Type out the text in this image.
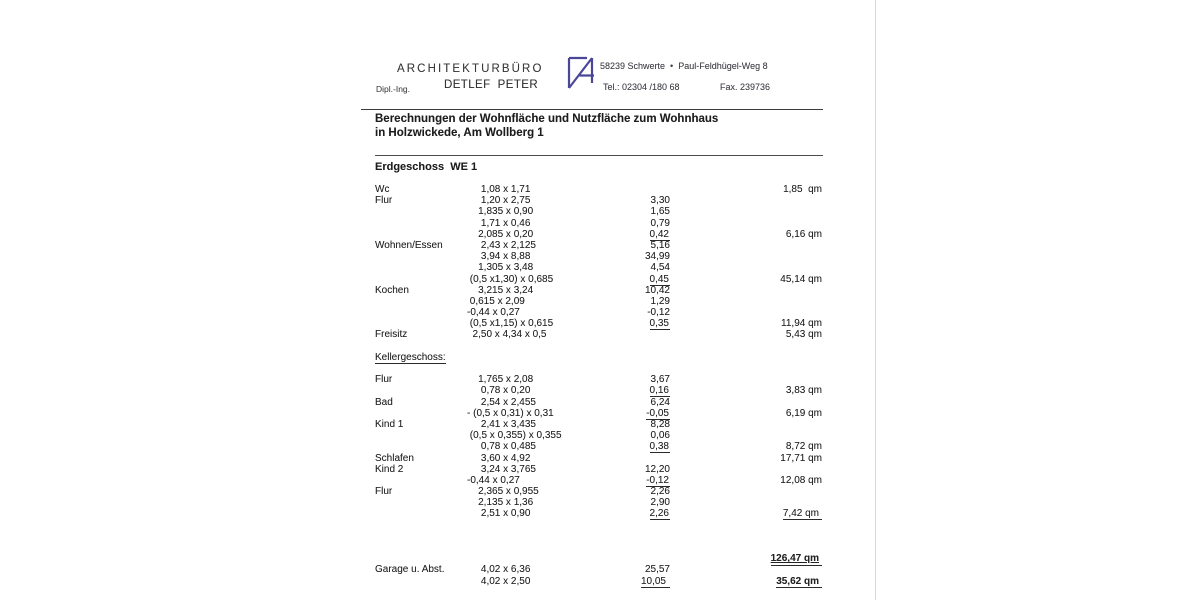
ARCHITEKTURBÜRO
Dipl.-Ing.	DETLEF  PETER
58239 Schwerte  •  Paul-Feldhügel-Weg 8
Tel.: 02304 /180 68	Fax. 239736
Berechnungen der Wohnfläche und Nutzfläche zum Wohnhaus
in Holzwickede, Am Wollberg 1
Erdgeschoss  WE 1
Wc	1,08 x 1,71	1,85  qm
Flur	1,20 x 2,75	3,30
1,835 x 0,90	1,65
1,71 x 0,46	0,79
2,085 x 0,20	0,42	6,16 qm
Wohnen/Essen 2,43 x 2,125	5,16
3,94 x 8,88	34,99
1,305 x 3,48	4,54
(0,5 x1,30) x 0,685	0,45	45,14 qm
Kochen	3,215 x 3,24	10,42
0,615 x 2,09	1,29
-0,44 x 0,27	-0,12
(0,5 x1,15) x 0,615	0,35	11,94 qm
Freisitz	2,50 x 4,34 x 0,5	5,43 qm
Kellergeschoss:
Flur	1,765 x 2,08	3,67
0,78 x 0,20	0,16	3,83 qm
Bad	2,54 x 2,455	6,24
- (0,5 x 0,31) x 0,31	-0,05	6,19 qm
Kind 1	2,41 x 3,435	8,28
(0,5 x 0,355) x 0,355	0,06
0,78 x 0,485	0,38	8,72 qm
Schlafen	3,60 x 4,92	17,71 qm
Kind 2	3,24 x 3,765	12,20
-0,44 x 0,27	-0,12	12,08 qm
Flur	2,365 x 0,955	2,26
2,135 x 1,36	2,90
2,51 x 0,90	2,26	7,42 qm
126,47 qm
Garage u. Abst. 4,02 x 6,36	25,57
4,02 x 2,50	10,05	35,62 qm
